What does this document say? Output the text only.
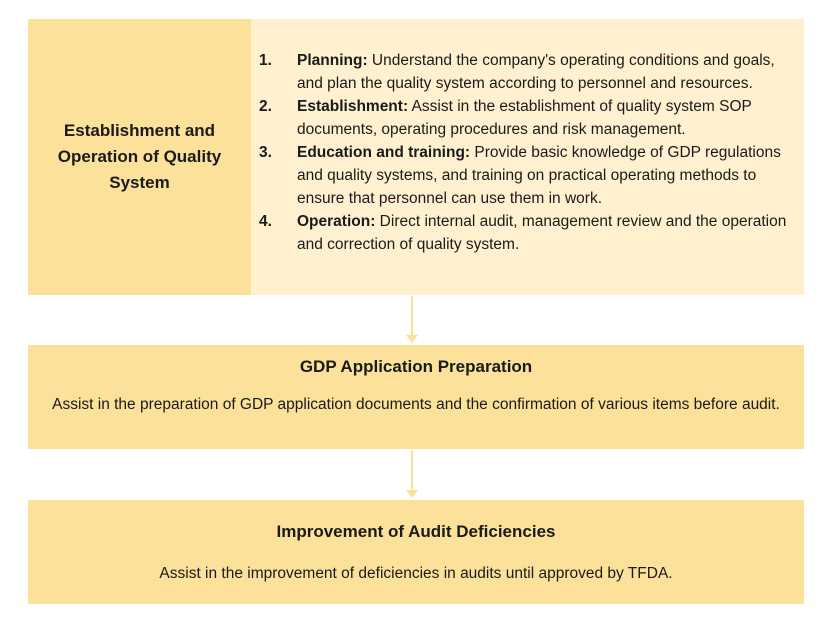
Establishment and Operation of Quality System
1. Planning: Understand the company's operating conditions and goals, and plan the quality system according to personnel and resources.
2. Establishment: Assist in the establishment of quality system SOP documents, operating procedures and risk management.
3. Education and training: Provide basic knowledge of GDP regulations and quality systems, and training on practical operating methods to ensure that personnel can use them in work.
4. Operation: Direct internal audit, management review and the operation and correction of quality system.
GDP Application Preparation
Assist in the preparation of GDP application documents and the confirmation of various items before audit.
Improvement of Audit Deficiencies
Assist in the improvement of deficiencies in audits until approved by TFDA.
